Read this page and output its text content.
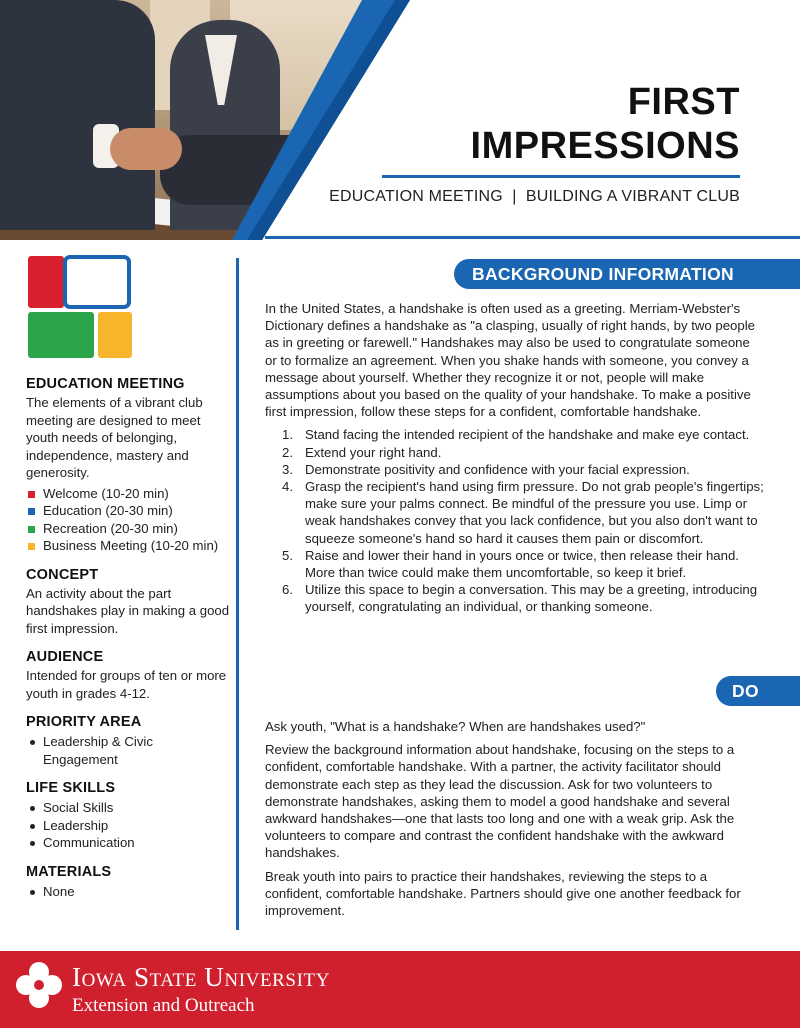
FIRST
IMPRESSIONS
EDUCATION MEETING  |  BUILDING A VIBRANT CLUB
EDUCATION MEETING
The elements of a vibrant club meeting are designed to meet youth needs of belonging, independence, mastery and generosity.
Welcome (10-20 min)
Education (20-30 min)
Recreation (20-30 min)
Business Meeting (10-20 min)
CONCEPT
An activity about the part handshakes play in making a good first impression.
AUDIENCE
Intended for groups of ten or more youth in grades 4-12.
PRIORITY AREA
Leadership & Civic Engagement
LIFE SKILLS
Social Skills
Leadership
Communication
MATERIALS
None
BACKGROUND INFORMATION

In the United States, a handshake is often used as a greeting. Merriam-Webster's Dictionary defines a handshake as "a clasping, usually of right hands, by two people as in greeting or farewell." Handshakes may also be used to congratulate someone or to formalize an agreement. When you shake hands with someone, you convey a message about yourself. Whether they recognize it or not, people will make assumptions about you based on the quality of your handshake. To make a positive first impression, follow these steps for a confident, comfortable handshake.

1. Stand facing the intended recipient of the handshake and make eye contact.
2. Extend your right hand.
3. Demonstrate positivity and confidence with your facial expression.
4. Grasp the recipient's hand using firm pressure. Do not grab people's fingertips; make sure your palms connect. Be mindful of the pressure you use. Limp or weak handshakes convey that you lack confidence, but you also don't want to squeeze someone's hand so hard it causes them pain or discomfort.
5. Raise and lower their hand in yours once or twice, then release their hand. More than twice could make them uncomfortable, so keep it brief.
6. Utilize this space to begin a conversation. This may be a greeting, introducing yourself, congratulating an individual, or thanking someone.
DO

Ask youth, "What is a handshake? When are handshakes used?"

Review the background information about handshake, focusing on the steps to a confident, comfortable handshake. With a partner, the activity facilitator should demonstrate each step as they lead the discussion. Ask for two volunteers to demonstrate handshakes, asking them to model a good handshake and several awkward handshakes—one that lasts too long and one with a weak grip. Ask the volunteers to compare and contrast the confident handshake with the awkward handshakes.

Break youth into pairs to practice their handshakes, reviewing the steps to a confident, comfortable handshake. Partners should give one another feedback for improvement.

Iowa State University
Extension and Outreach
